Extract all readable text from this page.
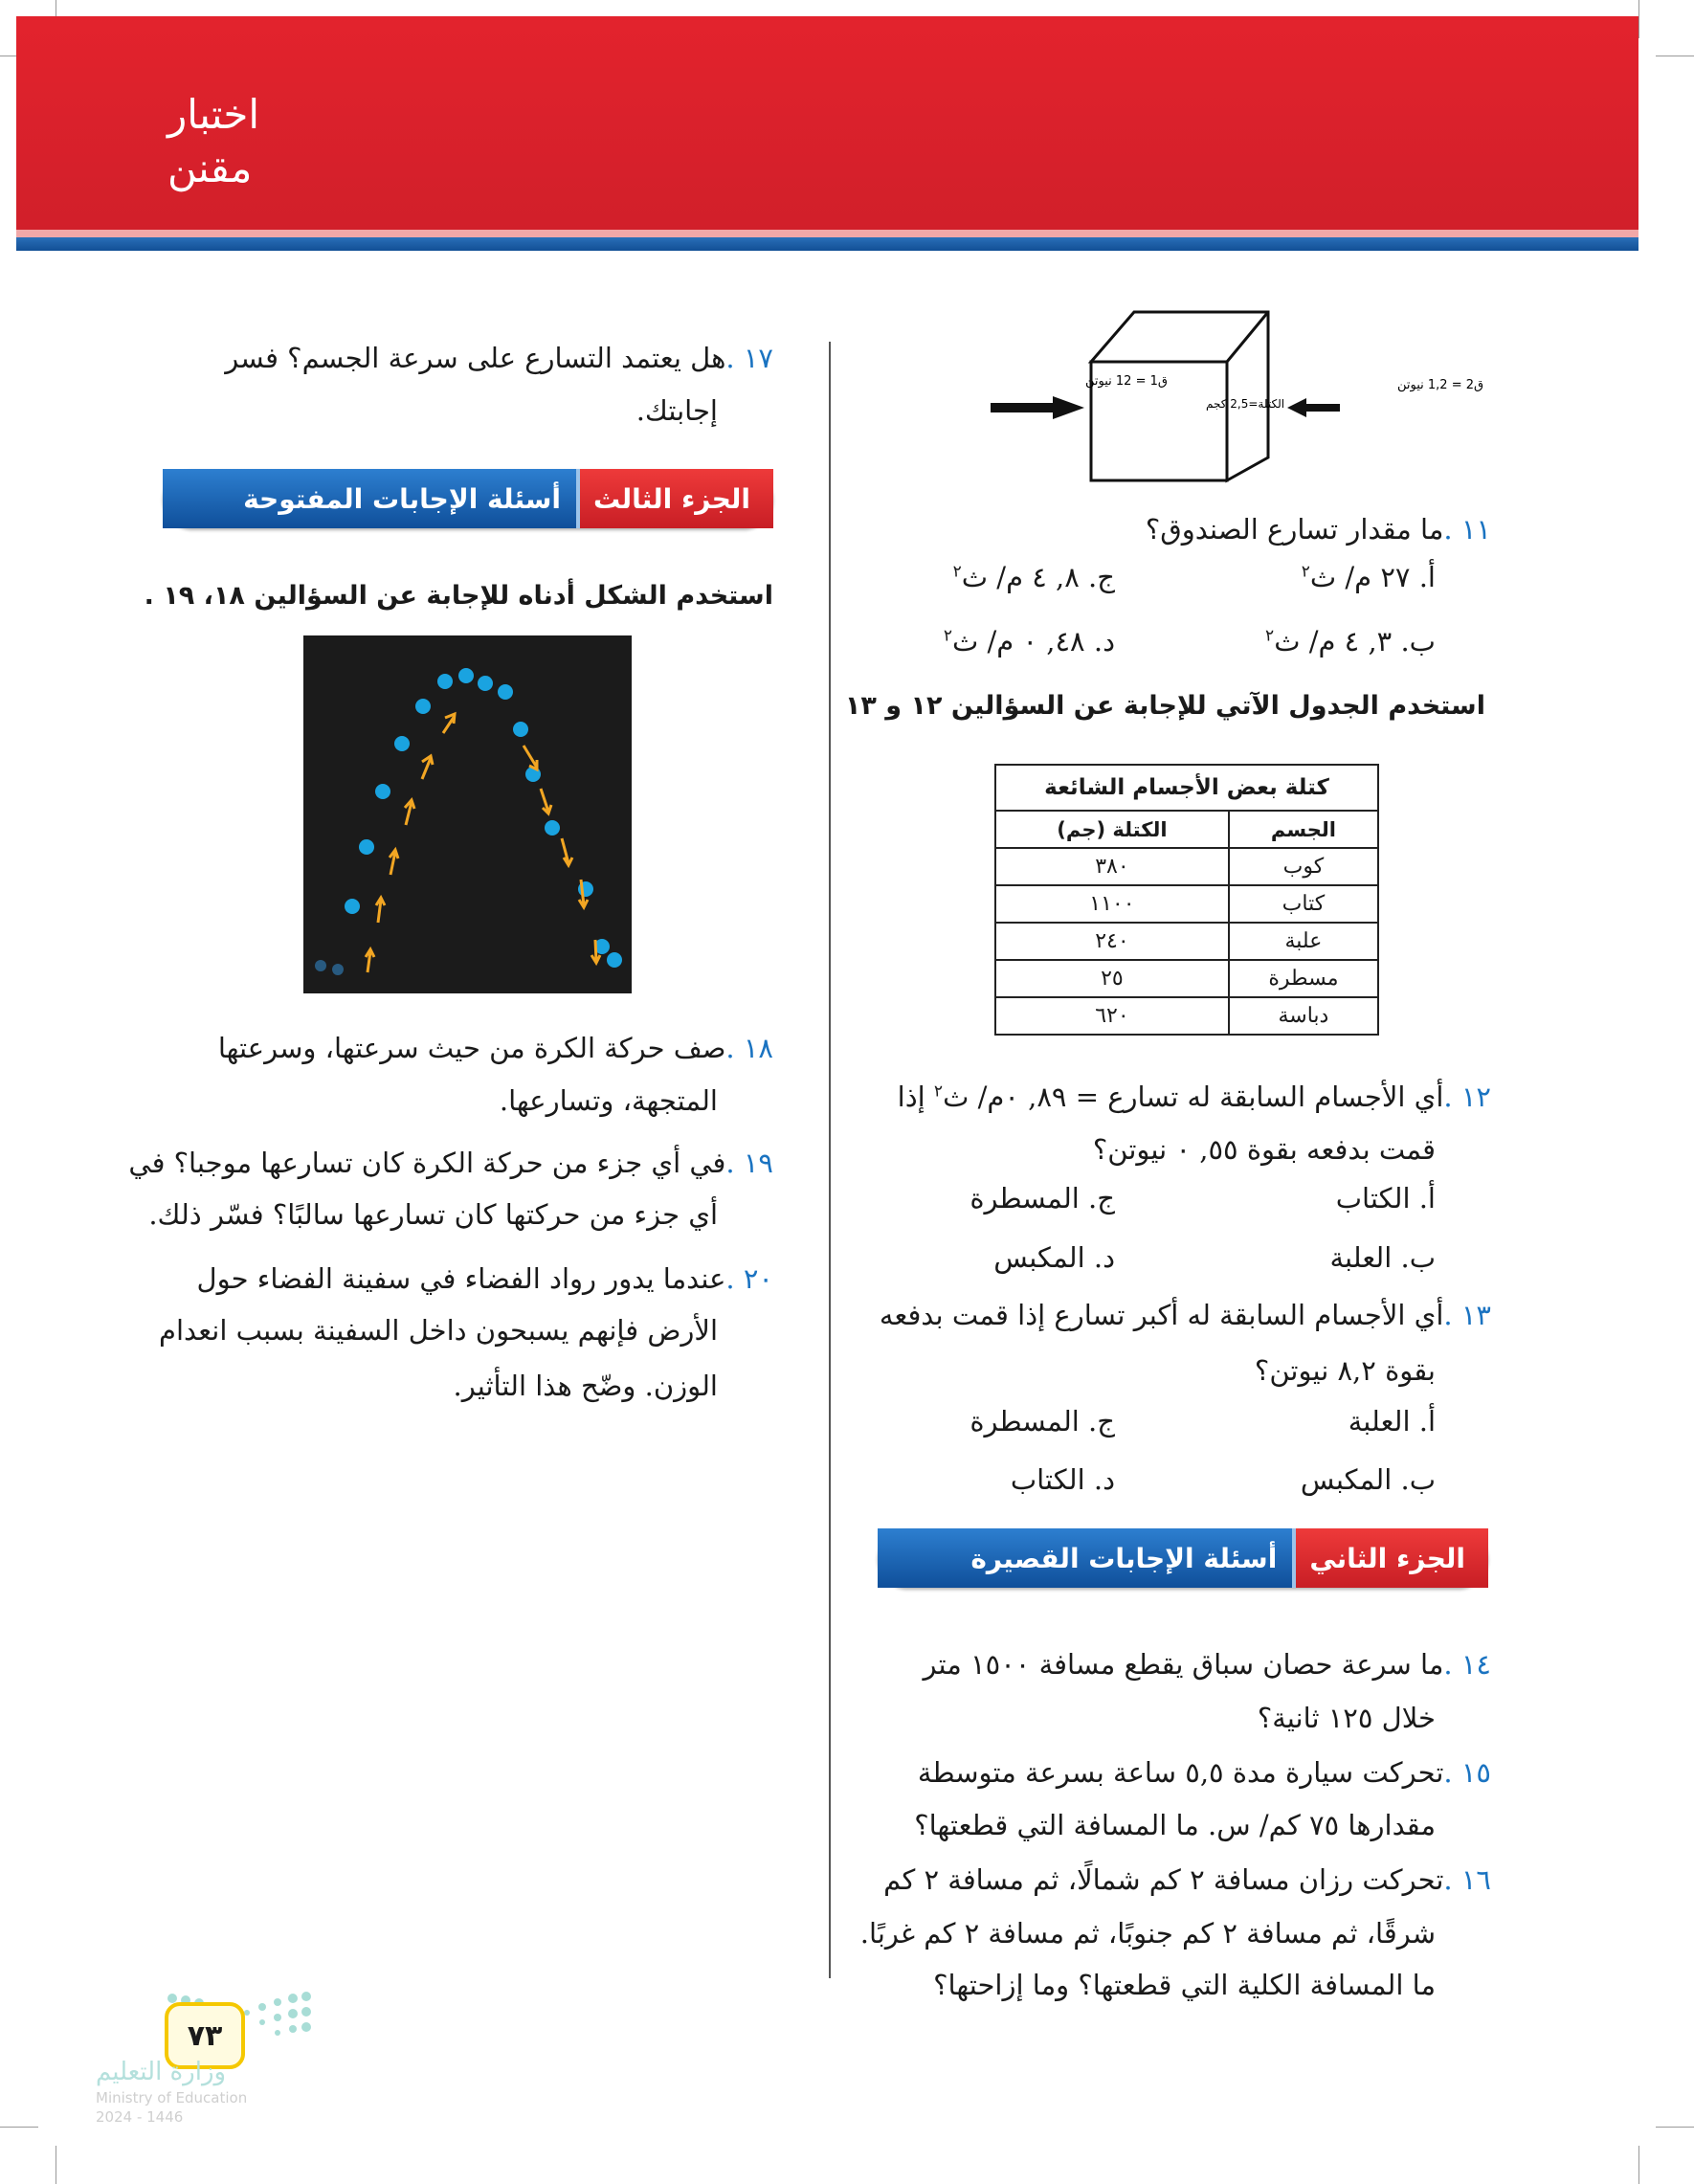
اختبار
مقنن
ق1 = 12 نيوتن	ق2 = 1,2 نيوتن
الكتلة=2,5 كجم
١١ .ما مقدار تسارع الصندوق؟
أ. ٢٧ م/ ث$^٢$
ب. ٣, ٤ م/ ث$^٢$
ج. ٨, ٤ م/ ث$^٢$
د. ٤٨, ٠ م/ ث$^٢$
استخدم الجدول الآتي للإجابة عن السؤالين ١٢ و ١٣
كتلة بعض الأجسام الشائعة	
الجسم	الكتلة (جم)
كوب	٣٨٠
كتاب	١١٠٠
علبة	٢٤٠
مسطرة	٢٥
دباسة	٦٢٠
١٢ .أي الأجسام السابقة له تسارع = ٨٩, ٠م/ ث$^٢$ إذا
قمت بدفعه بقوة ٥٥, ٠ نيوتن؟
أ. الكتاب
ب. العلبة
ج. المسطرة
د. المكبس
١٣ .أي الأجسام السابقة له أكبر تسارع إذا قمت بدفعه
بقوة ٨,٢ نيوتن؟
أ. العلبة
ب. المكبس
ج. المسطرة
د. الكتاب
الجزء الثاني
أسئلة الإجابات القصيرة
١٤ .ما سرعة حصان سباق يقطع مسافة ١٥٠٠ متر
خلال ١٢٥ ثانية؟
١٥ .تحركت سيارة مدة ٥,٥ ساعة بسرعة متوسطة
مقدارها ٧٥ كم/ س. ما المسافة التي قطعتها؟
١٦ .تحركت رزان مسافة ٢ كم شمالًا، ثم مسافة ٢ كم
شرقًا، ثم مسافة ٢ كم جنوبًا، ثم مسافة ٢ كم غربًا.
ما المسافة الكلية التي قطعتها؟ وما إزاحتها؟
١٧ .هل يعتمد التسارع على سرعة الجسم؟ فسر
إجابتك.
الجزء الثالث
أسئلة الإجابات المفتوحة
استخدم الشكل أدناه للإجابة عن السؤالين ١٨، ١٩ .
١٨ .صف حركة الكرة من حيث سرعتها، وسرعتها
المتجهة، وتسارعها.
١٩ .في أي جزء من حركة الكرة كان تسارعها موجبا؟ في
أي جزء من حركتها كان تسارعها سالبًا؟ فسّر ذلك.
٢٠ .عندما يدور رواد الفضاء في سفينة الفضاء حول
الأرض فإنهم يسبحون داخل السفينة بسبب انعدام
الوزن. وضّح هذا التأثير.
٧٣
وزارة التعليم
Ministry of Education
2024 - 1446
